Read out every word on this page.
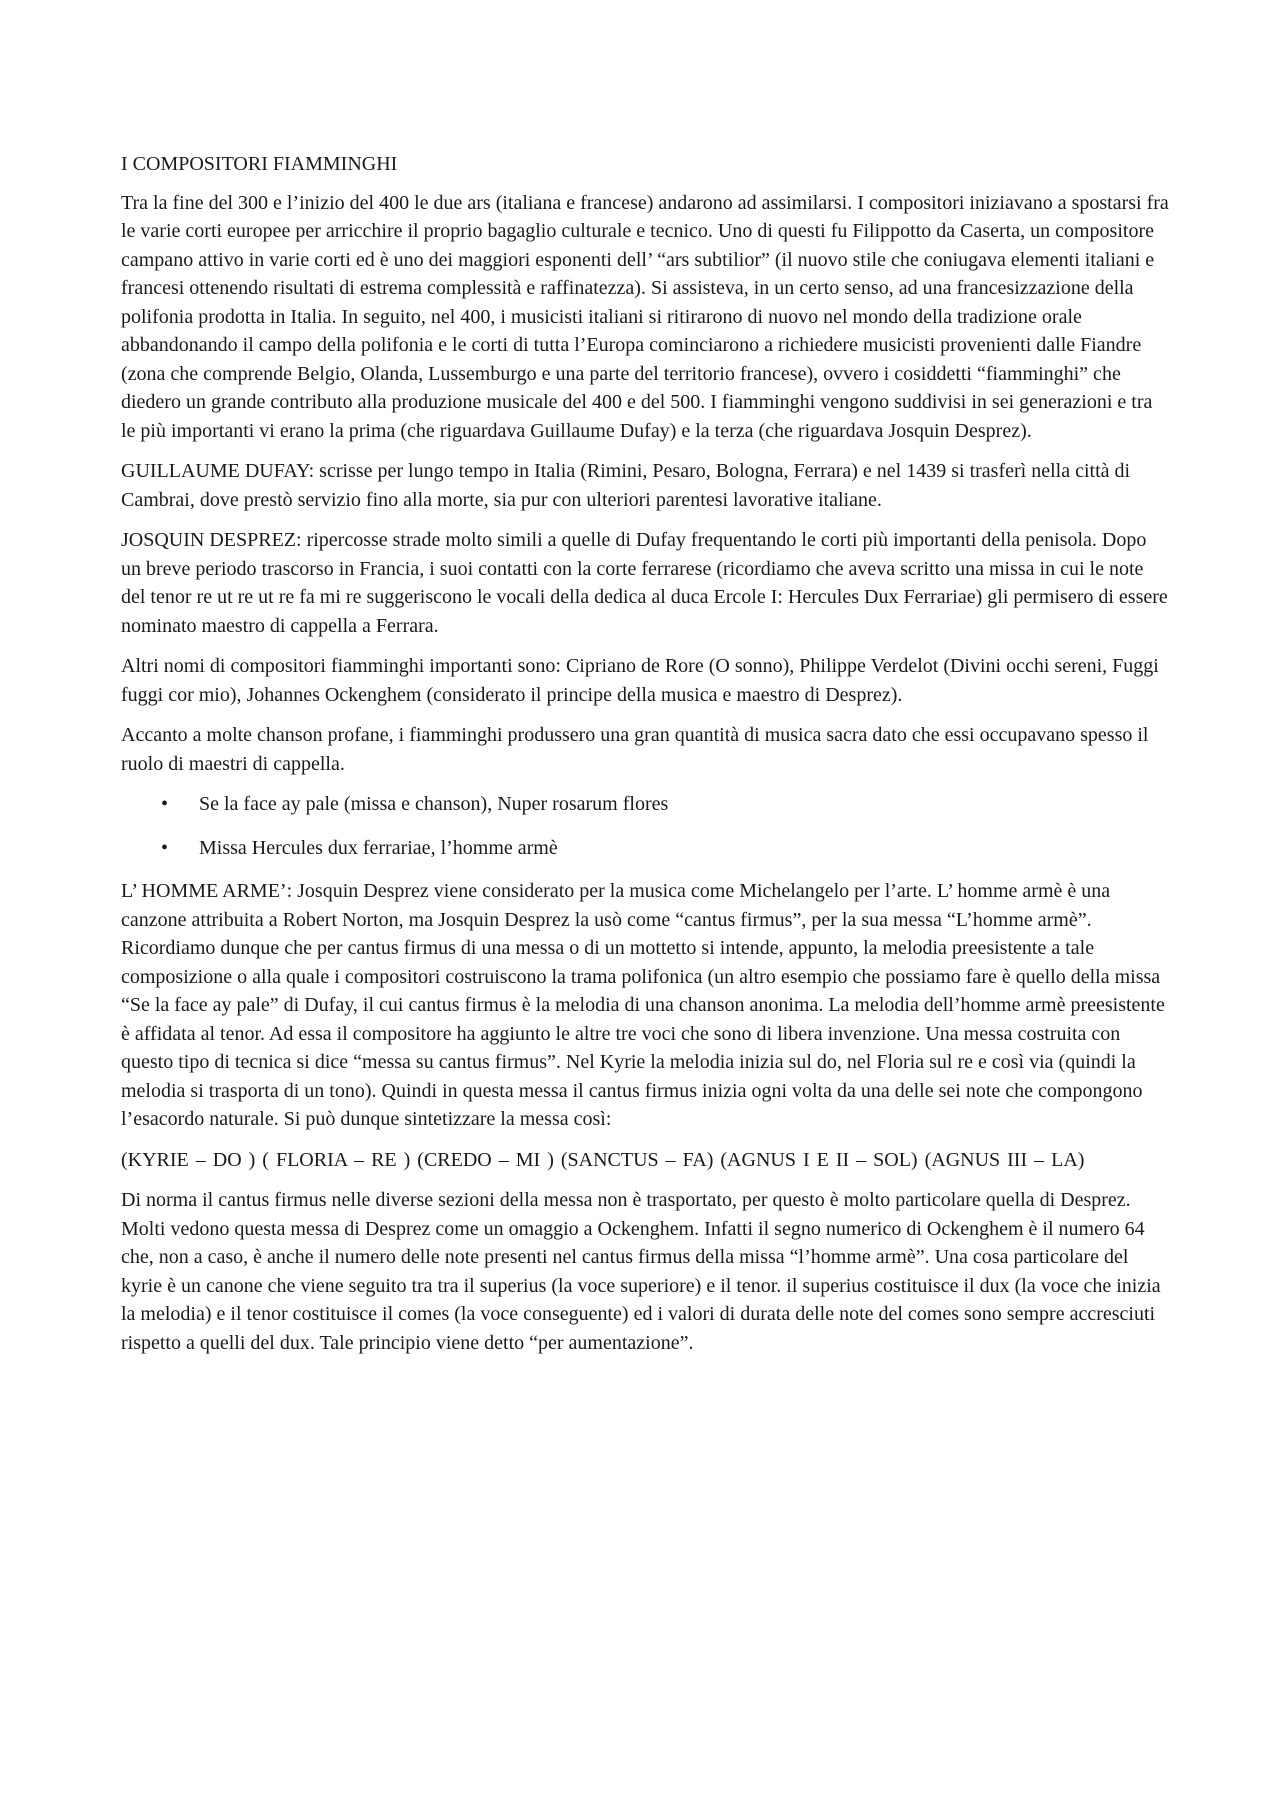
I COMPOSITORI FIAMMINGHI

Tra la fine del 300 e l’inizio del 400 le due ars (italiana e francese) andarono ad assimilarsi. I compositori iniziavano a spostarsi fra le varie corti europee per arricchire il proprio bagaglio culturale e tecnico. Uno di questi fu Filippotto da Caserta, un compositore campano attivo in varie corti ed è uno dei maggiori esponenti dell’ “ars subtilior” (il nuovo stile che coniugava elementi italiani e francesi ottenendo risultati di estrema complessità e raffinatezza). Si assisteva, in un certo senso, ad una francesizzazione della polifonia prodotta in Italia. In seguito, nel 400, i musicisti italiani si ritirarono di nuovo nel mondo della tradizione orale abbandonando il campo della polifonia e le corti di tutta l’Europa cominciarono a richiedere musicisti provenienti dalle Fiandre (zona che comprende Belgio, Olanda, Lussemburgo e una parte del territorio francese), ovvero i cosiddetti “fiamminghi” che diedero un grande contributo alla produzione musicale del 400 e del 500. I fiamminghi vengono suddivisi in sei generazioni e tra le più importanti vi erano la prima (che riguardava Guillaume Dufay) e la terza (che riguardava Josquin Desprez).

GUILLAUME DUFAY: scrisse per lungo tempo in Italia (Rimini, Pesaro, Bologna, Ferrara) e nel 1439 si trasferì nella città di Cambrai, dove prestò servizio fino alla morte, sia pur con ulteriori parentesi lavorative italiane.

JOSQUIN DESPREZ: ripercosse strade molto simili a quelle di Dufay frequentando le corti più importanti della penisola. Dopo un breve periodo trascorso in Francia, i suoi contatti con la corte ferrarese (ricordiamo che aveva scritto una missa in cui le note del tenor re ut re ut re fa mi re suggeriscono le vocali della dedica al duca Ercole I: Hercules Dux Ferrariae) gli permisero di essere nominato maestro di cappella a Ferrara.

Altri nomi di compositori fiamminghi importanti sono: Cipriano de Rore (O sonno), Philippe Verdelot (Divini occhi sereni, Fuggi fuggi cor mio), Johannes Ockenghem (considerato il principe della musica e maestro di Desprez).

Accanto a molte chanson profane, i fiamminghi produssero una gran quantità di musica sacra dato che essi occupavano spesso il ruolo di maestri di cappella.

• Se la face ay pale (missa e chanson), Nuper rosarum flores
• Missa Hercules dux ferrariae, l’homme armè

L’ HOMME ARME’: Josquin Desprez viene considerato per la musica come Michelangelo per l’arte. L’ homme armè è una canzone attribuita a Robert Norton, ma Josquin Desprez la usò come “cantus firmus”, per la sua messa “L’homme armè”. Ricordiamo dunque che per cantus firmus di una messa o di un mottetto si intende, appunto, la melodia preesistente a tale composizione o alla quale i compositori costruiscono la trama polifonica (un altro esempio che possiamo fare è quello della missa “Se la face ay pale” di Dufay, il cui cantus firmus è la melodia di una chanson anonima. La melodia dell’homme armè preesistente è affidata al tenor. Ad essa il compositore ha aggiunto le altre tre voci che sono di libera invenzione. Una messa costruita con questo tipo di tecnica si dice “messa su cantus firmus”. Nel Kyrie la melodia inizia sul do, nel Floria sul re e così via (quindi la melodia si trasporta di un tono). Quindi in questa messa il cantus firmus inizia ogni volta da una delle sei note che compongono l’esacordo naturale. Si può dunque sintetizzare la messa così:

(KYRIE – DO ) ( FLORIA – RE ) (CREDO – MI ) (SANCTUS – FA) (AGNUS I E II – SOL) (AGNUS III – LA)

Di norma il cantus firmus nelle diverse sezioni della messa non è trasportato, per questo è molto particolare quella di Desprez. Molti vedono questa messa di Desprez come un omaggio a Ockenghem. Infatti il segno numerico di Ockenghem è il numero 64 che, non a caso, è anche il numero delle note presenti nel cantus firmus della missa “l’homme armè”. Una cosa particolare del kyrie è un canone che viene seguito tra tra il superius (la voce superiore) e il tenor. il superius costituisce il dux (la voce che inizia la melodia) e il tenor costituisce il comes (la voce conseguente) ed i valori di durata delle note del comes sono sempre accresciuti rispetto a quelli del dux. Tale principio viene detto “per aumentazione”.
